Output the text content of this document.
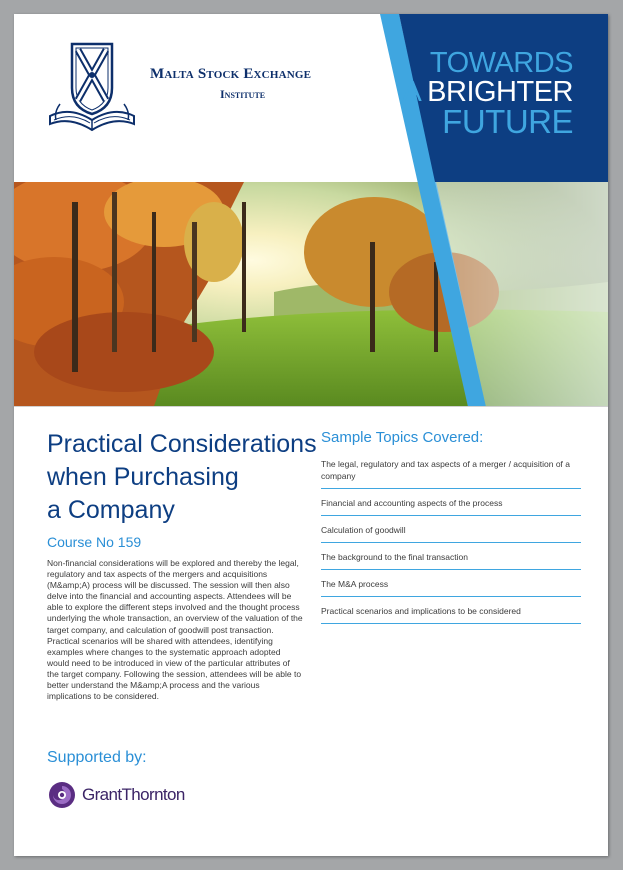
Malta Stock Exchange
Institute
TOWARDS
A BRIGHTER
FUTURE
Practical Considerations
when Purchasing
a Company
Course No 159

Non-financial considerations will be explored and thereby the legal, regulatory and tax aspects of the mergers and acquisitions (M&amp;A) process will be discussed. The session will then also delve into the financial and accounting aspects. Attendees will be able to explore the different steps involved and the thought process underlying the whole transaction, an overview of the valuation of the target company, and calculation of goodwill post transaction. Practical scenarios will be shared with attendees, identifying examples where changes to the systematic approach adopted would need to be introduced in view of the particular attributes of the target company. Following the session, attendees will be able to better understand the M&amp;A process and the various implications to be considered.

Supported by:
GrantThornton
Sample Topics Covered:
The legal, regulatory and tax aspects of a merger / acquisition of a company
Financial and accounting aspects of the process
Calculation of goodwill
The background to the final transaction
The M&A process
Practical scenarios and implications to be considered
